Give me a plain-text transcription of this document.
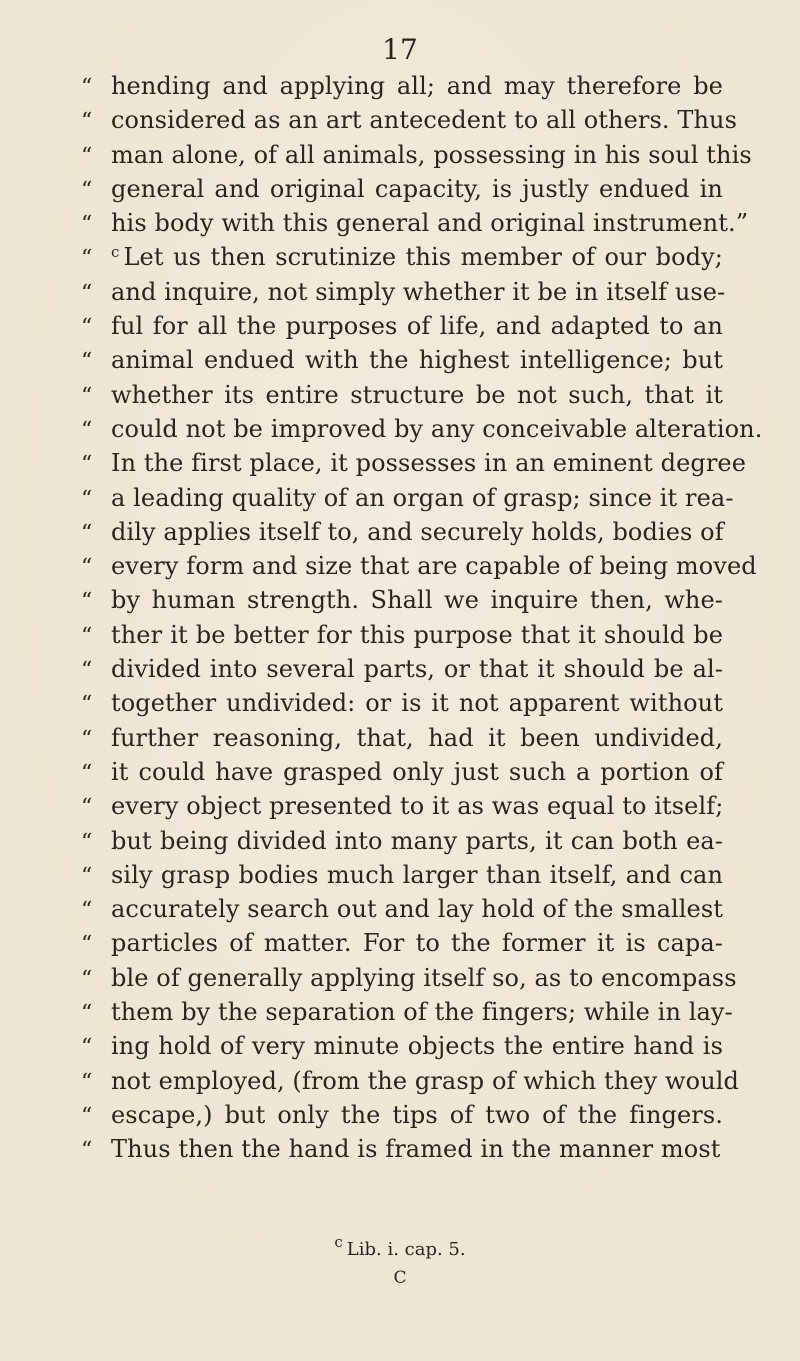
17
“ hending and applying all; and may therefore be
“ considered as an art antecedent to all others. Thus
“ man alone, of all animals, possessing in his soul this
“ general and original capacity, is justly endued in
“ his body with this general and original instrument.”
“	$^c$ Let us then scrutinize this member of our body;
“ and inquire, not simply whether it be in itself use-
“ ful for all the purposes of life, and adapted to an
“ animal endued with the highest intelligence; but
“ whether its entire structure be not such, that it
“ could not be improved by any conceivable alteration.
“ In the first place, it possesses in an eminent degree
“ a leading quality of an organ of grasp; since it rea-
“ dily applies itself to, and securely holds, bodies of
“ every form and size that are capable of being moved
“ by human strength. Shall we inquire then, whe-
“ ther it be better for this purpose that it should be
“ divided into several parts, or that it should be al-
“ together undivided: or is it not apparent without
“ further reasoning, that, had it been undivided,
“ it could have grasped only just such a portion of
“ every object presented to it as was equal to itself;
“ but being divided into many parts, it can both ea-
“ sily grasp bodies much larger than itself, and can
“ accurately search out and lay hold of the smallest
“ particles of matter. For to the former it is capa-
“ ble of generally applying itself so, as to encompass
“ them by the separation of the fingers; while in lay-
“ ing hold of very minute objects the entire hand is
“ not employed, (from the grasp of which they would
“ escape,) but only the tips of two of the fingers.
“ Thus then the hand is framed in the manner most
$^c$ Lib. i. cap. 5.
C
